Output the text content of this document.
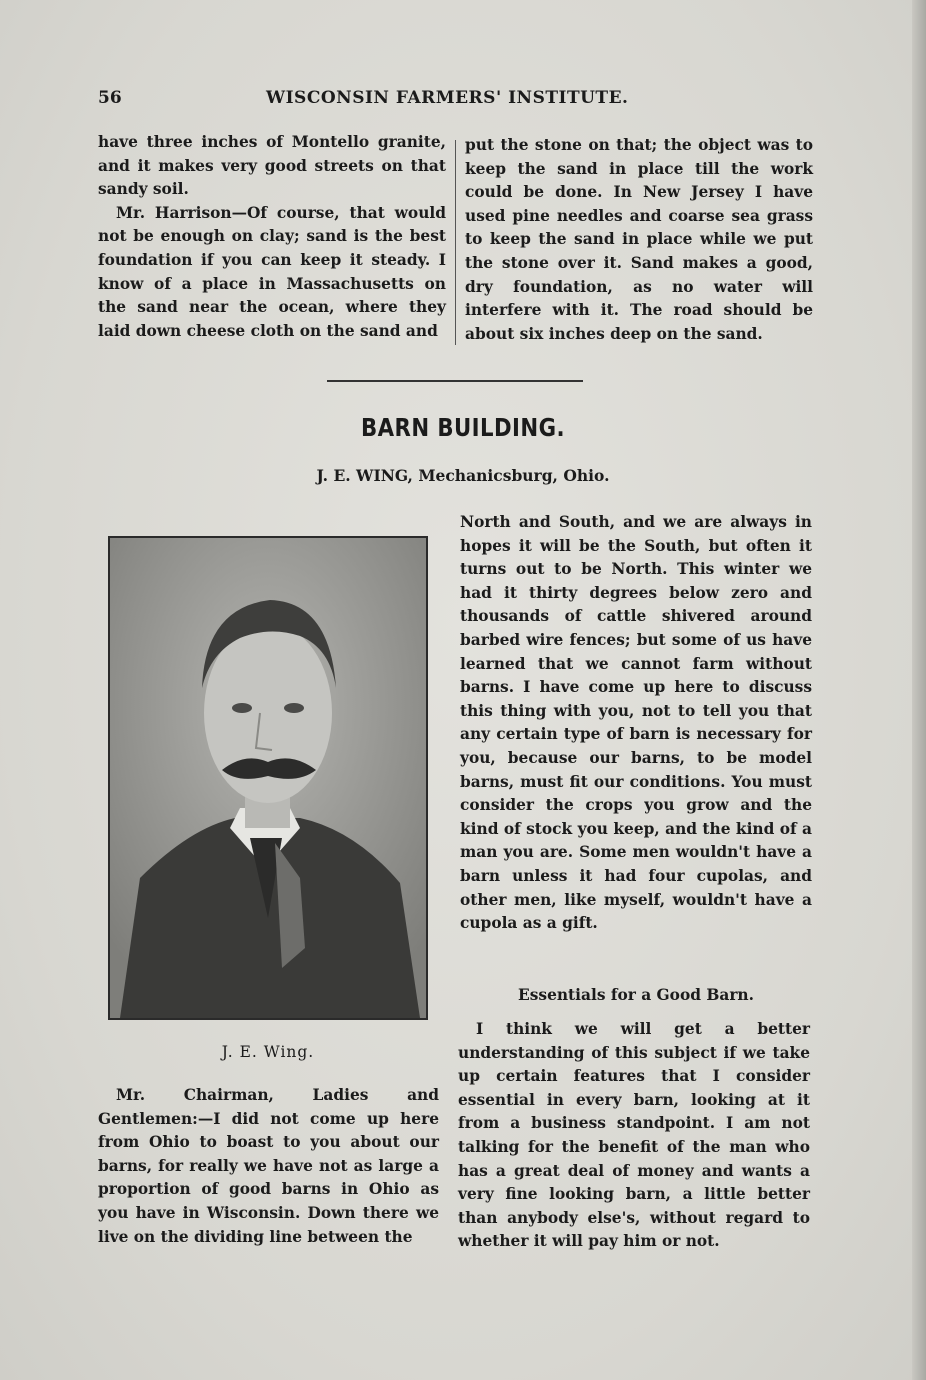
56	WISCONSIN FARMERS' INSTITUTE.

have three inches of Montello granite, and it makes very good streets on that sandy soil.

Mr. Harrison—Of course, that would not be enough on clay; sand is the best foundation if you can keep it steady. I know of a place in Massachusetts on the sand near the ocean, where they laid down cheese cloth on the sand and

put the stone on that; the object was to keep the sand in place till the work could be done. In New Jersey I have used pine needles and coarse sea grass to keep the sand in place while we put the stone over it. Sand makes a good, dry foundation, as no water will interfere with it. The road should be about six inches deep on the sand.

BARN BUILDING.
J. E. WING, Mechanicsburg, Ohio.
J. E. Wing.

Mr. Chairman, Ladies and Gentlemen:—I did not come up here from Ohio to boast to you about our barns, for really we have not as large a proportion of good barns in Ohio as you have in Wisconsin. Down there we live on the dividing line between the

North and South, and we are always in hopes it will be the South, but often it turns out to be North. This winter we had it thirty degrees below zero and thousands of cattle shivered around barbed wire fences; but some of us have learned that we cannot farm without barns. I have come up here to discuss this thing with you, not to tell you that any certain type of barn is necessary for you, because our barns, to be model barns, must fit our conditions. You must consider the crops you grow and the kind of stock you keep, and the kind of a man you are. Some men wouldn't have a barn unless it had four cupolas, and other men, like myself, wouldn't have a cupola as a gift.

Essentials for a Good Barn.

I think we will get a better understanding of this subject if we take up certain features that I consider essential in every barn, looking at it from a business standpoint. I am not talking for the benefit of the man who has a great deal of money and wants a very fine looking barn, a little better than anybody else's, without regard to whether it will pay him or not.
